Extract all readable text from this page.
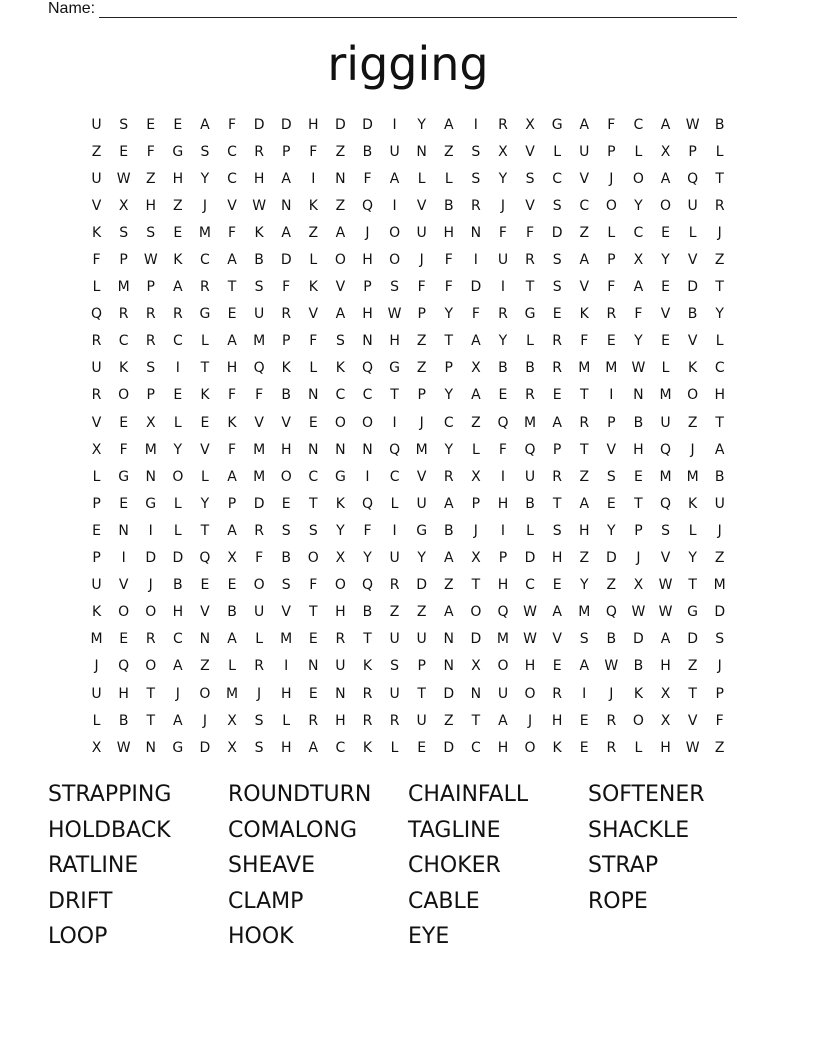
Name:
rigging
U	S	E	E	A	F	D	D	H	D	D	I	Y	A	I	R	X	G	A	F	C	A	W	B
Z	E	F	G	S	C	R	P	F	Z	B	U	N	Z	S	X	V	L	U	P	L	X	P	L
U	W	Z	H	Y	C	H	A	I	N	F	A	L	L	S	Y	S	C	V	J	O	A	Q	T
V	X	H	Z	J	V	W	N	K	Z	Q	I	V	B	R	J	V	S	C	O	Y	O	U	R
K	S	S	E	M	F	K	A	Z	A	J	O	U	H	N	F	F	D	Z	L	C	E	L	J
F	P	W	K	C	A	B	D	L	O	H	O	J	F	I	U	R	S	A	P	X	Y	V	Z
L	M	P	A	R	T	S	F	K	V	P	S	F	F	D	I	T	S	V	F	A	E	D	T
Q	R	R	R	G	E	U	R	V	A	H	W	P	Y	F	R	G	E	K	R	F	V	B	Y
R	C	R	C	L	A	M	P	F	S	N	H	Z	T	A	Y	L	R	F	E	Y	E	V	L
U	K	S	I	T	H	Q	K	L	K	Q	G	Z	P	X	B	B	R	M	M	W	L	K	C
R	O	P	E	K	F	F	B	N	C	C	T	P	Y	A	E	R	E	T	I	N	M	O	H
V	E	X	L	E	K	V	V	E	O	O	I	J	C	Z	Q	M	A	R	P	B	U	Z	T
X	F	M	Y	V	F	M	H	N	N	N	Q	M	Y	L	F	Q	P	T	V	H	Q	J	A
L	G	N	O	L	A	M	O	C	G	I	C	V	R	X	I	U	R	Z	S	E	M	M	B
P	E	G	L	Y	P	D	E	T	K	Q	L	U	A	P	H	B	T	A	E	T	Q	K	U
E	N	I	L	T	A	R	S	S	Y	F	I	G	B	J	I	L	S	H	Y	P	S	L	J
P	I	D	D	Q	X	F	B	O	X	Y	U	Y	A	X	P	D	H	Z	D	J	V	Y	Z
U	V	J	B	E	E	O	S	F	O	Q	R	D	Z	T	H	C	E	Y	Z	X	W	T	M
K	O	O	H	V	B	U	V	T	H	B	Z	Z	A	O	Q	W	A	M	Q	W W	G	D
M	E	R	C	N	A	L	M	E	R	T	U	U	N	D	M	W	V	S	B	D	A	D	S
J	Q	O	A	Z	L	R	I	N	U	K	S	P	N	X	O	H	E	A	W	B	H	Z	J
U	H	T	J	O	M	J	H	E	N	R	U	T	D	N	U	O	R	I	J	K	X	T	P
L	B	T	A	J	X	S	L	R	H	R	R	U	Z	T	A	J	H	E	R	O	X	V	F
X	W	N	G	D	X	S	H	A	C	K	L	E	D	C	H	O	K	E	R	L	H	W	Z
STRAPPING	ROUNDTURN	CHAINFALL	SOFTENER
HOLDBACK	COMALONG	TAGLINE	SHACKLE
RATLINE	SHEAVE	CHOKER	STRAP
DRIFT	CLAMP	CABLE	ROPE
LOOP	HOOK	EYE
